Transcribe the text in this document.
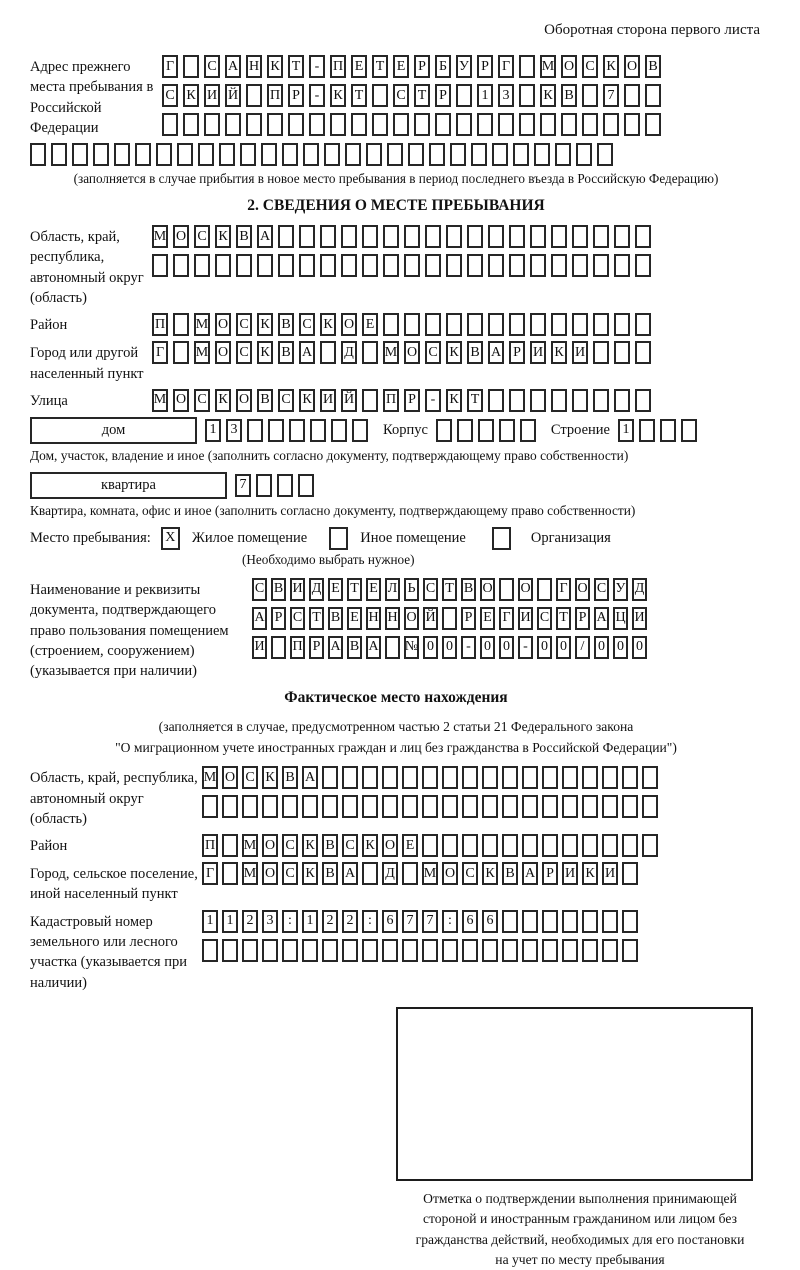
Оборотная сторона первого листа
Адрес прежнего места пребывания в Российской Федерации
Г С А Н К Т	- П Е Т Е Р Б У Р Г М О С К О В
С К И Й П Р	-	К Т С Т Р	1	3	К В	7
(заполняется в случае прибытия в новое место пребывания в период последнего въезда в Российскую Федерацию)
2. СВЕДЕНИЯ О МЕСТЕ ПРЕБЫВАНИЯ
Область, край, республика, автономный округ (область)
М О С К В А
Район	П М О С К В С К О Е
Город или другой населенный пункт
Г М О С К В А Д М О С К В А Р И К И
Улица	М О С К О В С К И Й П Р	-	К Т
дом	1	3	Корпус	Строение 1
Дом, участок, владение и иное (заполнить согласно документу, подтверждающему право собственности)
квартира	7
Квартира, комната, офис и иное (заполнить согласно документу, подтверждающему право собственности)
Место пребывания:	X	Жилое помещение	Иное помещение	Организация
(Необходимо выбрать нужное)
Наименование и реквизиты документа, подтверждающего право пользования помещением (строением, сооружением) (указывается при наличии)
С В И Д Е Т Е Л Ь С Т В О О Г О С У Д
А Р С Т В Е Н Н О Й Р Е Г И С Т Р А Ц И
И П Р А В А № 0 0 - 0 0 - 0 0 / 0 0 0
Фактическое место нахождения
(заполняется в случае, предусмотренном частью 2 статьи 21 Федерального закона
"О миграционном учете иностранных граждан и лиц без гражданства в Российской Федерации")
Область, край, республика, автономный округ (область)
М О С К В А
Район	П М О С К В С К О Е
Город, сельское поселение, иной населенный пункт
Г М О С К В А Д М О С К В А Р И К И
Кадастровый номер земельного или лесного участка (указывается при наличии)
1 1 2 3	:	1 2 2	:	6 7 7	:	6 6
Отметка о подтверждении выполнения принимающей
стороной и иностранным гражданином или лицом без
гражданства действий, необходимых для его постановки
на учет по месту пребывания
